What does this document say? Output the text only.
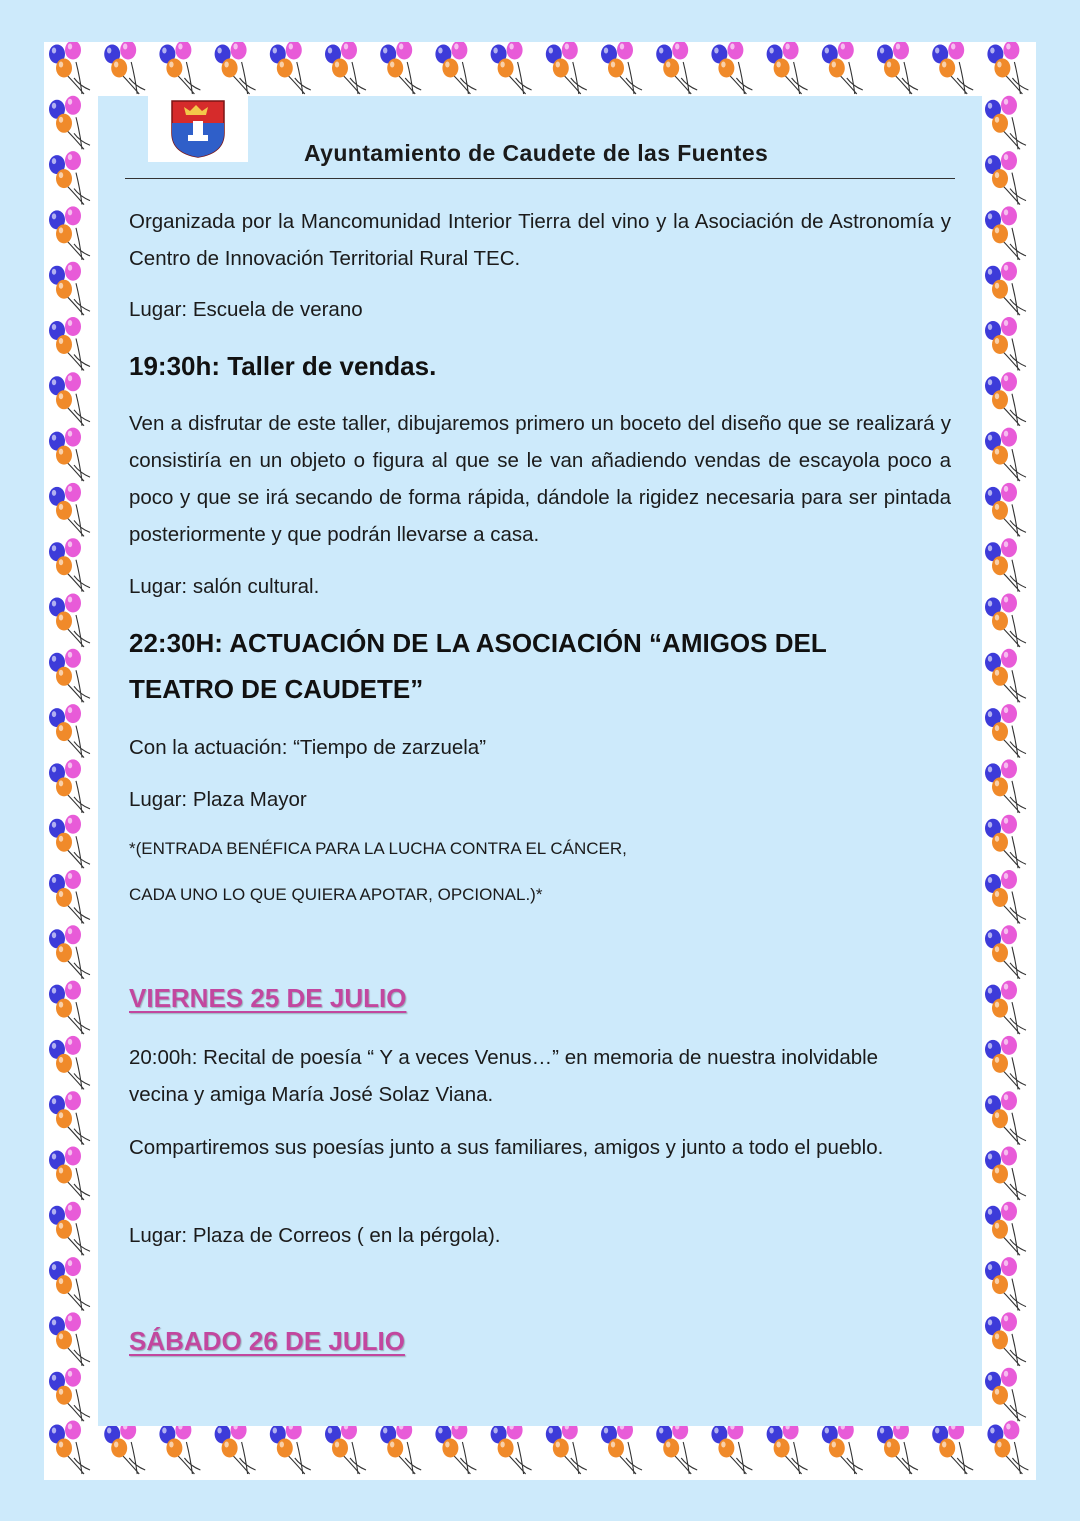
Ayuntamiento de Caudete de las Fuentes
Organizada por la Mancomunidad Interior Tierra del vino y la Asociación de Astronomía y Centro de Innovación Territorial Rural TEC.
Lugar: Escuela de verano
19:30h: Taller de vendas.
Ven a disfrutar de este taller, dibujaremos primero un boceto del diseño que se realizará y consistiría en un objeto o figura al que se le van añadiendo vendas de escayola poco a poco y que se irá secando de forma rápida, dándole la rigidez necesaria para ser pintada posteriormente y que podrán llevarse a casa.
Lugar: salón cultural.
22:30H: ACTUACIÓN DE LA ASOCIACIÓN “AMIGOS DEL TEATRO DE CAUDETE”
Con la actuación: “Tiempo de zarzuela”
Lugar: Plaza Mayor
*(ENTRADA BENÉFICA PARA LA LUCHA CONTRA EL CÁNCER,
CADA UNO LO QUE QUIERA APOTAR, OPCIONAL.)*
VIERNES 25 DE JULIO
20:00h: Recital de poesía “ Y a veces Venus…” en memoria de nuestra inolvidable vecina y amiga María José Solaz Viana.
Compartiremos sus poesías junto a sus familiares, amigos y junto a todo el pueblo.
Lugar: Plaza de Correos ( en la pérgola).
SÁBADO 26 DE JULIO
